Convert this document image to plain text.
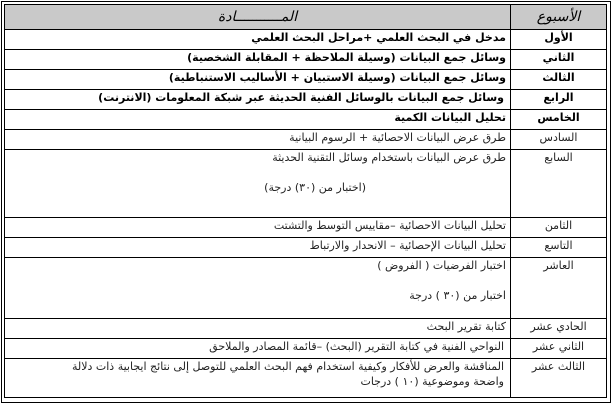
الأسبوع	المـــــــــــادة
الأول	مدخل في البحث العلمي +مراحل البحث العلمي
الثاني	وسائل جمع البيانات (وسيلة الملاحظة + المقابلة الشخصية)
الثالث	وسائل جمع البيانات (وسيلة الاستبيان + الأساليب الاستنباطية)
الرابع	وسائل جمع البيانات بالوسائل الفنية الحديثة عبر شبكة المعلومات (الانترنت)
الخامس	تحليل البيانات الكمية
السادس	طرق عرض البيانات الاحصائية + الرسوم البيانية
السابع	طرق عرض البيانات باستخدام وسائل التقنية الحديثة
(اختبار من (٣٠) درجة)

الثامن	تحليل البيانات الاحصائية –مقاييس التوسط والتشتت
التاسع	تحليل البيانات الإحصائية – الانحدار والارتباط
العاشر	اختبار الفرضيات ( الفروض )
اختبار من (٣٠ ) درجة

الحادي عشر	كتابة تقرير البحث
الثاني عشر	النواحي الفنية في كتابة التقرير (البحث) –قائمة المصادر والملاحق
الثالث عشر	المناقشة والعرض للأفكار وكيفية استخدام فهم البحث العلمي للتوصل إلى نتائج ايجابية ذات دلالة
واضحة وموضوعية (١٠ ) درجات
